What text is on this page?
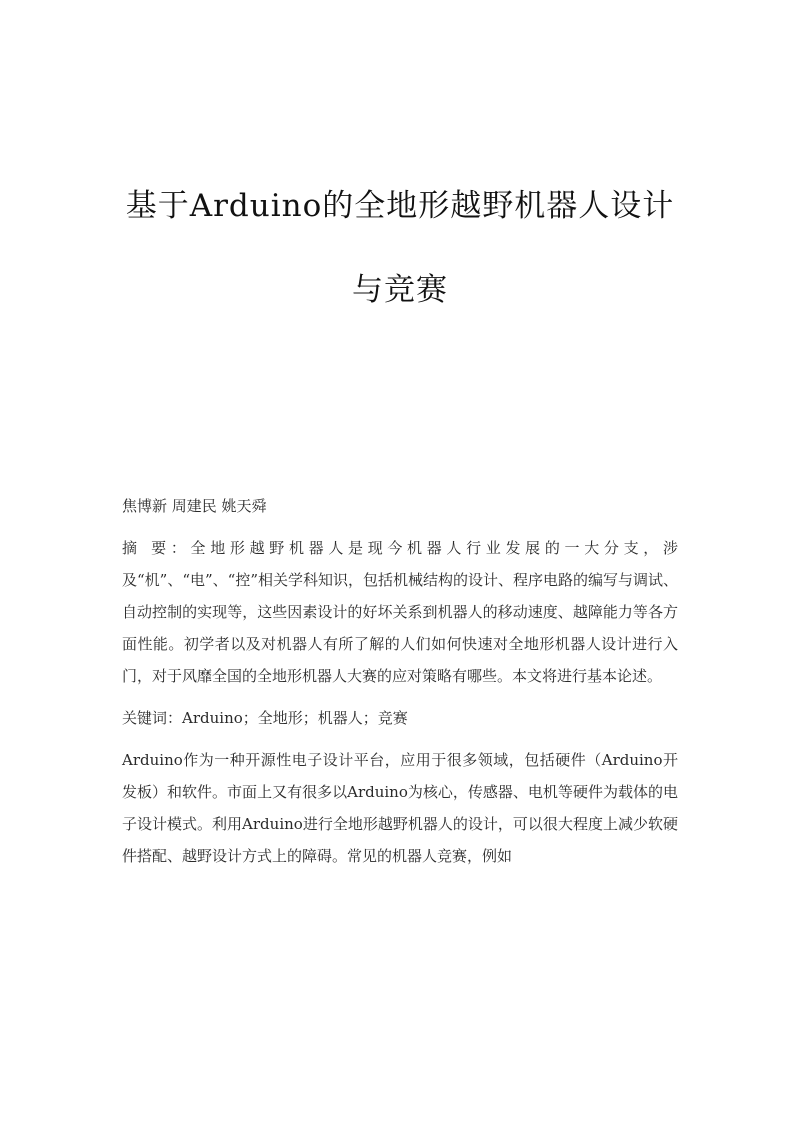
基于Arduino的全地形越野机器人设计
与竞赛
焦博新 周建民 姚天舜
摘 要：全地形越野机器人是现今机器人行业发展的一大分支，涉及“机”、“电”、“控”相关学科知识，包括机械结构的设计、程序电路的编写与调试、自动控制的实现等，这些因素设计的好坏关系到机器人的移动速度、越障能力等各方面性能。初学者以及对机器人有所了解的人们如何快速对全地形机器人设计进行入门，对于风靡全国的全地形机器人大赛的应对策略有哪些。本文将进行基本论述。
关键词：Arduino；全地形；机器人；竞赛
Arduino作为一种开源性电子设计平台，应用于很多领域，包括硬件（Arduino开发板）和软件。市面上又有很多以Arduino为核心，传感器、电机等硬件为载体的电子设计模式。利用Arduino进行全地形越野机器人的设计，可以很大程度上减少软硬件搭配、越野设计方式上的障碍。常见的机器人竞赛，例如
